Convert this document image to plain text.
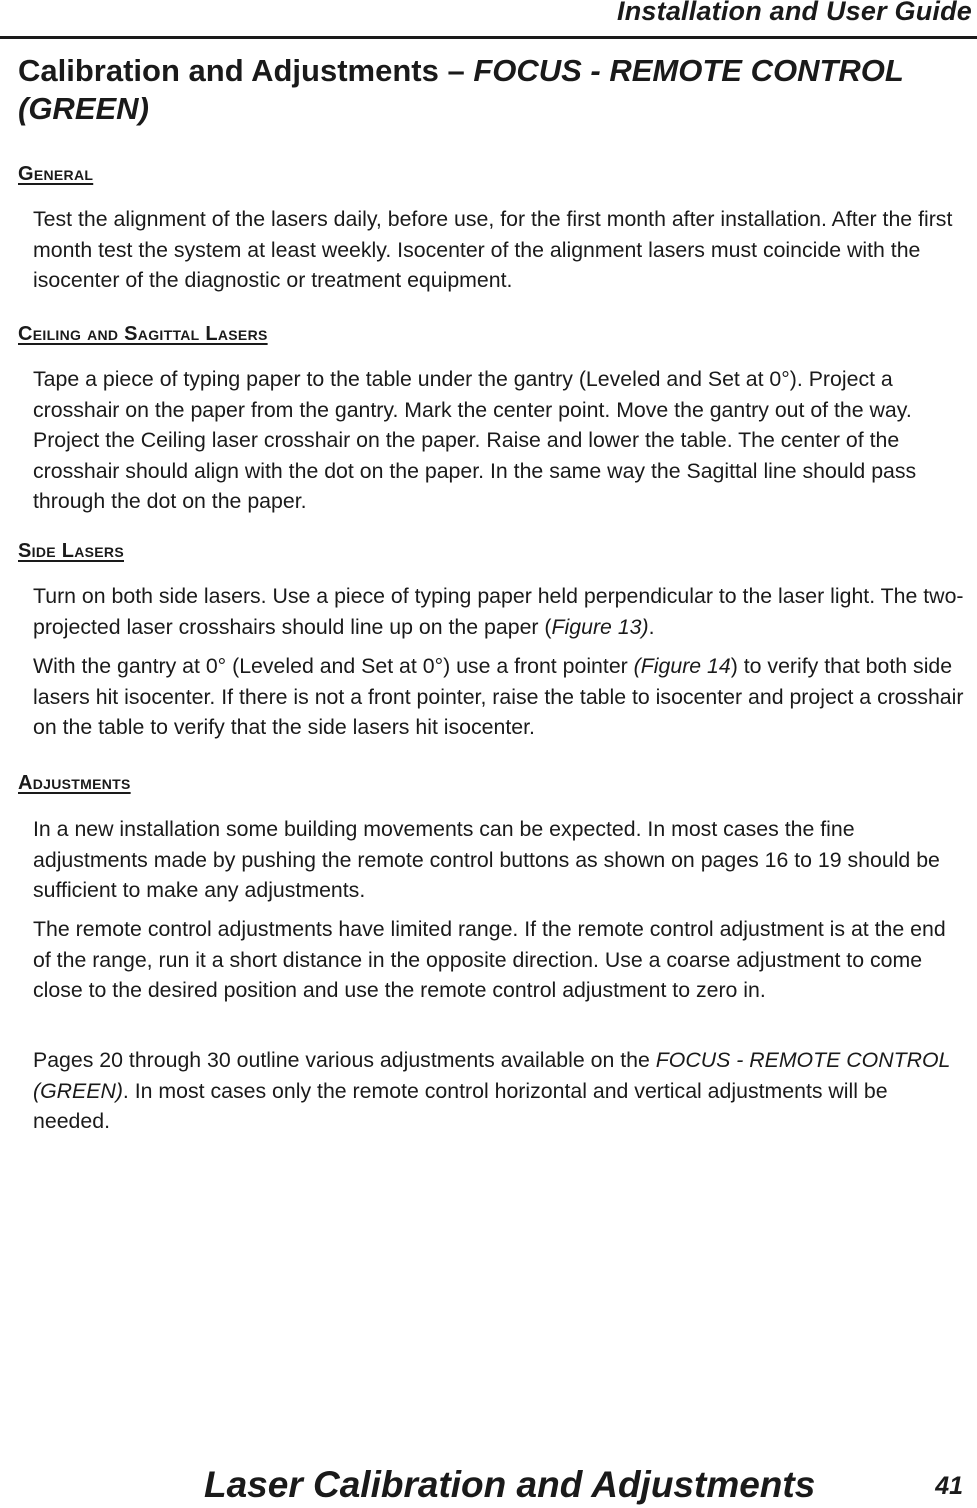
Installation and User Guide
Calibration and Adjustments – FOCUS - REMOTE CONTROL (GREEN)
General

Test the alignment of the lasers daily, before use, for the first month after installation. After the first month test the system at least weekly. Isocenter of the alignment lasers must coincide with the isocenter of the diagnostic or treatment equipment.

Ceiling and Sagittal Lasers

Tape a piece of typing paper to the table under the gantry (Leveled and Set at 0°). Project a crosshair on the paper from the gantry. Mark the center point. Move the gantry out of the way. Project the Ceiling laser crosshair on the paper. Raise and lower the table. The center of the crosshair should align with the dot on the paper. In the same way the Sagittal line should pass through the dot on the paper.

Side Lasers

Turn on both side lasers. Use a piece of typing paper held perpendicular to the laser light. The two-projected laser crosshairs should line up on the paper (Figure 13).

With the gantry at 0° (Leveled and Set at 0°) use a front pointer (Figure 14) to verify that both side lasers hit isocenter. If there is not a front pointer, raise the table to isocenter and project a crosshair on the table to verify that the side lasers hit isocenter.

Adjustments

In a new installation some building movements can be expected. In most cases the fine adjustments made by pushing the remote control buttons as shown on pages 16 to 19 should be sufficient to make any adjustments.

The remote control adjustments have limited range. If the remote control adjustment is at the end of the range, run it a short distance in the opposite direction. Use a coarse adjustment to come close to the desired position and use the remote control adjustment to zero in.

Pages 20 through 30 outline various adjustments available on the FOCUS - REMOTE CONTROL (GREEN). In most cases only the remote control horizontal and vertical adjustments will be needed.

Laser Calibration and Adjustments	41
